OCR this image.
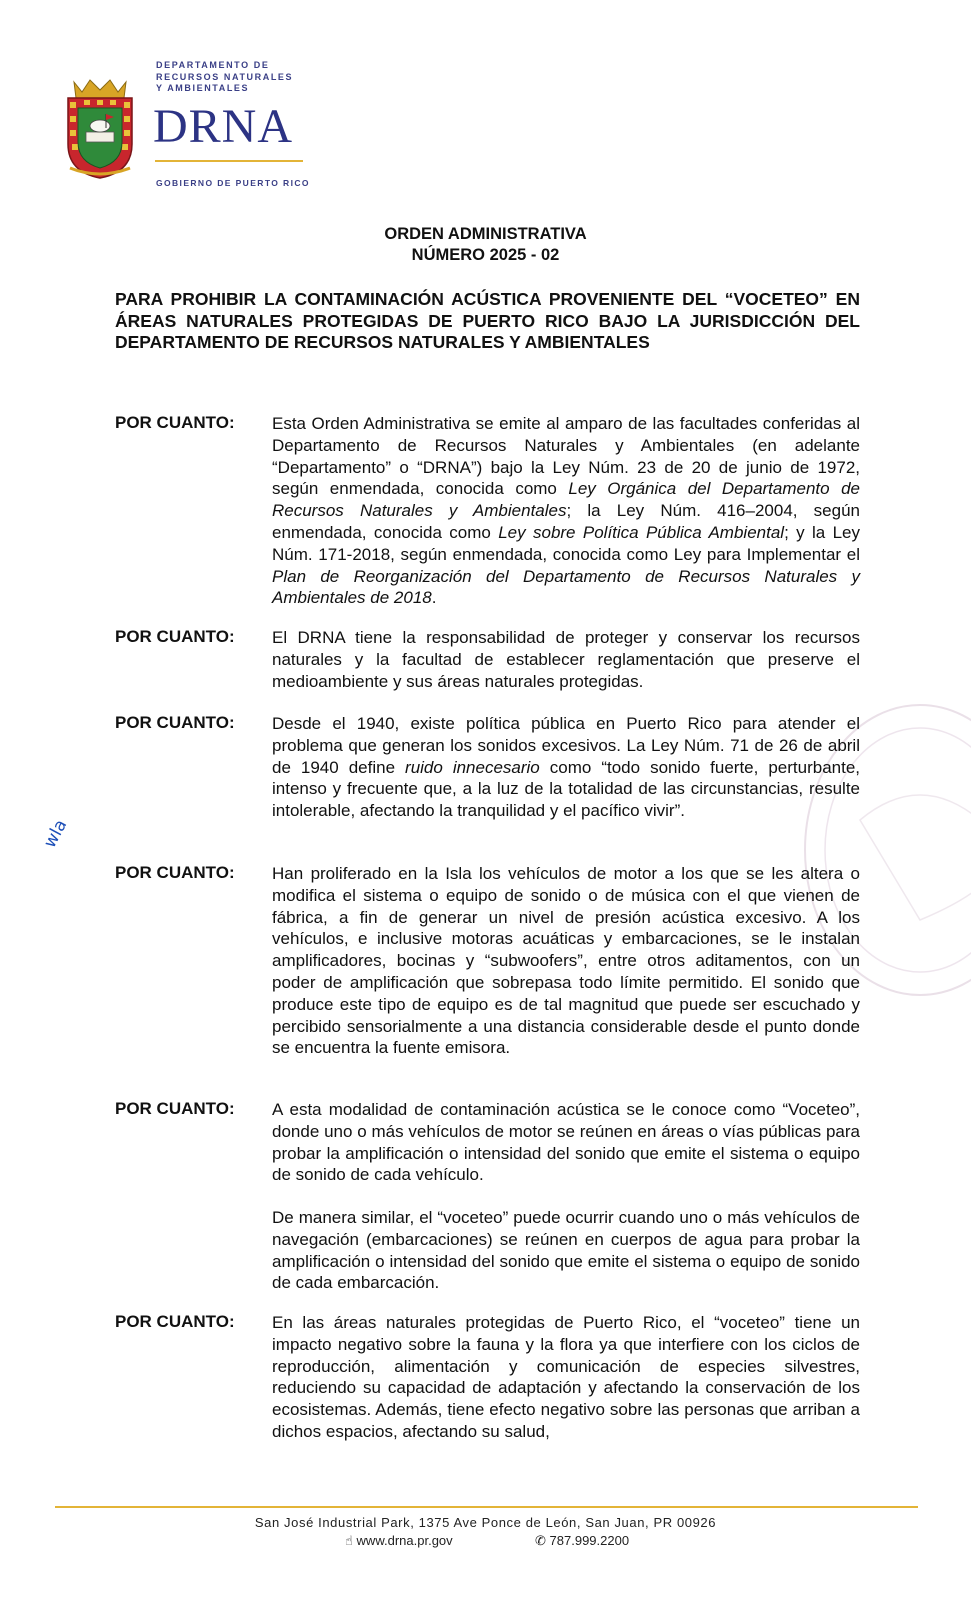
DEPARTAMENTO DE
RECURSOS NATURALES
Y AMBIENTALES
DRNA
GOBIERNO DE PUERTO RICO
ORDEN ADMINISTRATIVA
NÚMERO 2025 - 02
PARA PROHIBIR LA CONTAMINACIÓN ACÚSTICA PROVENIENTE DEL “VOCETEO” EN ÁREAS NATURALES PROTEGIDAS DE PUERTO RICO BAJO LA JURISDICCIÓN DEL DEPARTAMENTO DE RECURSOS NATURALES Y AMBIENTALES
POR CUANTO: Esta Orden Administrativa se emite al amparo de las facultades conferidas al Departamento de Recursos Naturales y Ambientales (en adelante “Departamento” o “DRNA”) bajo la Ley Núm. 23 de 20 de junio de 1972, según enmendada, conocida como Ley Orgánica del Departamento de Recursos Naturales y Ambientales; la Ley Núm. 416–2004, según enmendada, conocida como Ley sobre Política Pública Ambiental; y la Ley Núm. 171-2018, según enmendada, conocida como Ley para Implementar el Plan de Reorganización del Departamento de Recursos Naturales y Ambientales de 2018.
POR CUANTO: El DRNA tiene la responsabilidad de proteger y conservar los recursos naturales y la facultad de establecer reglamentación que preserve el medioambiente y sus áreas naturales protegidas.
POR CUANTO: Desde el 1940, existe política pública en Puerto Rico para atender el problema que generan los sonidos excesivos. La Ley Núm. 71 de 26 de abril de 1940 define ruido innecesario como “todo sonido fuerte, perturbante, intenso y frecuente que, a la luz de la totalidad de las circunstancias, resulte intolerable, afectando la tranquilidad y el pacífico vivir”.
POR CUANTO: Han proliferado en la Isla los vehículos de motor a los que se les altera o modifica el sistema o equipo de sonido o de música con el que vienen de fábrica, a fin de generar un nivel de presión acústica excesivo. A los vehículos, e inclusive motoras acuáticas y embarcaciones, se le instalan amplificadores, bocinas y “subwoofers”, entre otros aditamentos, con un poder de amplificación que sobrepasa todo límite permitido. El sonido que produce este tipo de equipo es de tal magnitud que puede ser escuchado y percibido sensorialmente a una distancia considerable desde el punto donde se encuentra la fuente emisora.
POR CUANTO: A esta modalidad de contaminación acústica se le conoce como “Voceteo”, donde uno o más vehículos de motor se reúnen en áreas o vías públicas para probar la amplificación o intensidad del sonido que emite el sistema o equipo de sonido de cada vehículo.
De manera similar, el “voceteo” puede ocurrir cuando uno o más vehículos de navegación (embarcaciones) se reúnen en cuerpos de agua para probar la amplificación o intensidad del sonido que emite el sistema o equipo de sonido de cada embarcación.
POR CUANTO: En las áreas naturales protegidas de Puerto Rico, el “voceteo” tiene un impacto negativo sobre la fauna y la flora ya que interfiere con los ciclos de reproducción, alimentación y comunicación de especies silvestres, reduciendo su capacidad de adaptación y afectando la conservación de los ecosistemas. Además, tiene efecto negativo sobre las personas que arriban a dichos espacios, afectando su salud,
wla
San José Industrial Park, 1375 Ave Ponce de León, San Juan, PR 00926
☝︎ www.drna.pr.gov	✆ 787.999.2200
